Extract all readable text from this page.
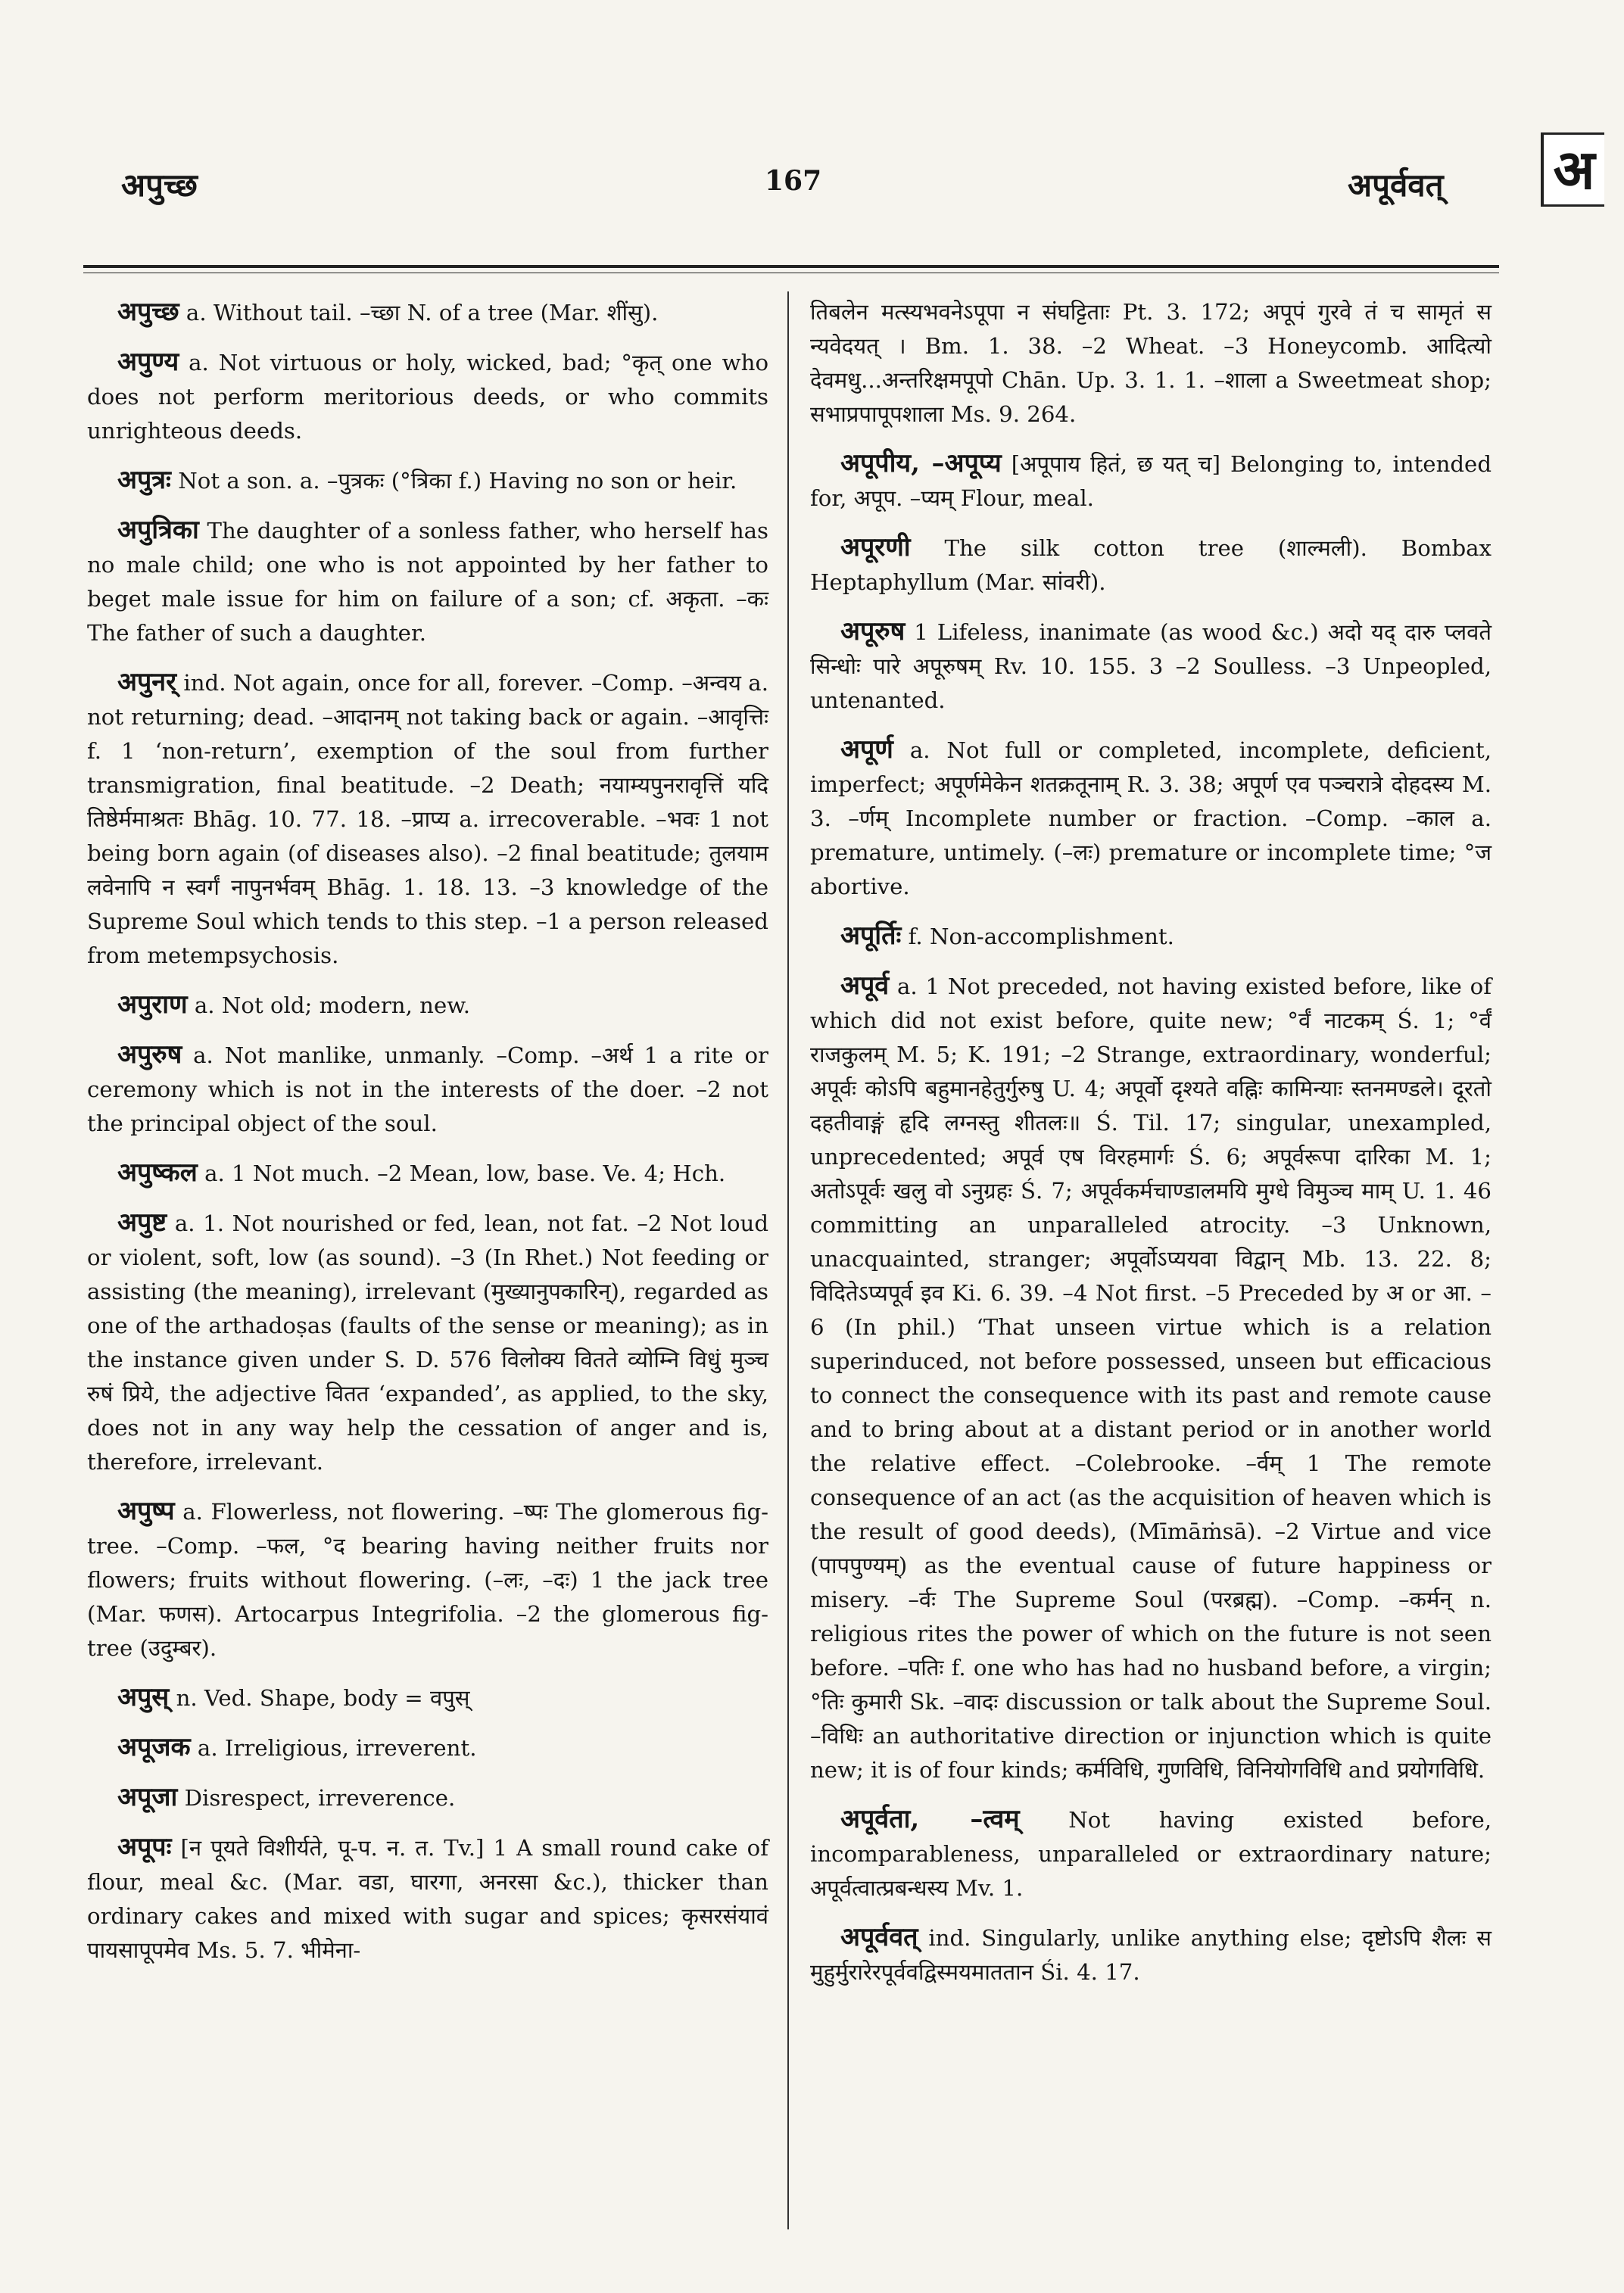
अ
अपुच्छ	167	अपूर्ववत्

अपुच्छ a. Without tail. –च्छा N. of a tree (Mar. शींसु).

अपुण्य a. Not virtuous or holy, wicked, bad; °कृत् one who does not perform meritorious deeds, or who commits unrighteous deeds.

अपुत्रः Not a son. a. –पुत्रकः (°त्रिका f.) Having no son or heir.

अपुत्रिका The daughter of a sonless father, who herself has no male child; one who is not appointed by her father to beget male issue for him on failure of a son; cf. अकृता. –कः The father of such a daughter.

अपुनर् ind. Not again, once for all, forever. –Comp. –अन्वय a. not returning; dead. –आदानम् not taking back or again. –आवृत्तिः f. 1 ‘non-return’, exemption of the soul from further transmigration, final beatitude. –2 Death; नयाम्यपुनरावृत्तिं यदि तिष्ठेर्ममाश्रतः Bhāg. 10. 77. 18. –प्राप्य a. irrecoverable. –भवः 1 not being born again (of diseases also). –2 final beatitude; तुलयाम लवेनापि न स्वर्गं नापुनर्भवम् Bhāg. 1. 18. 13. –3 knowledge of the Supreme Soul which tends to this step. –1 a person released from metempsychosis.

अपुराण a. Not old; modern, new.

अपुरुष a. Not manlike, unmanly. –Comp. –अर्थ 1 a rite or ceremony which is not in the interests of the doer. –2 not the principal object of the soul.

अपुष्कल a. 1 Not much. –2 Mean, low, base. Ve. 4; Hch.

अपुष्ट a. 1. Not nourished or fed, lean, not fat. –2 Not loud or violent, soft, low (as sound). –3 (In Rhet.) Not feeding or assisting (the meaning), irrelevant (मुख्यानुपकारिन्), regarded as one of the arthadoṣas (faults of the sense or meaning); as in the instance given under S. D. 576 विलोक्य वितते व्योम्नि विधुं मुञ्च रुषं प्रिये, the adjective वितत ‘expanded’, as applied, to the sky, does not in any way help the cessation of anger and is, therefore, irrelevant.

अपुष्प a. Flowerless, not flowering. –ष्पः The glomerous fig-tree. –Comp. –फल, °द bearing having neither fruits nor flowers; fruits without flowering. (–लः, –दः) 1 the jack tree (Mar. फणस). Artocarpus Integrifolia. –2 the glomerous fig-tree (उदुम्बर).

अपुस् n. Ved. Shape, body = वपुस्

अपूजक a. Irreligious, irreverent.

अपूजा Disrespect, irreverence.

अपूपः [न पूयते विशीर्यते, पू-प. न. त. Tv.] 1 A small round cake of flour, meal &c. (Mar. वडा, घारगा, अनरसा &c.), thicker than ordinary cakes and mixed with sugar and spices; कृसरसंयावं पायसापूपमेव Ms. 5. 7. भीमेना-

तिबलेन मत्स्यभवनेऽपूपा न संघट्टिताः Pt. 3. 172; अपूपं गुरवे तं च सामृतं स न्यवेदयत् । Bm. 1. 38. –2 Wheat. –3 Honeycomb. आदित्यो देवमधु...अन्तरिक्षमपूपो Chān. Up. 3. 1. 1. –शाला a Sweetmeat shop; सभाप्रपापूपशाला Ms. 9. 264.

अपूपीय, –अपूप्य [अपूपाय हितं, छ यत् च] Belonging to, intended for, अपूप. –प्यम् Flour, meal.

अपूरणी The silk cotton tree (शाल्मली). Bombax Heptaphyllum (Mar. सांवरी).

अपूरुष 1 Lifeless, inanimate (as wood &c.) अदो यद् दारु प्लवते सिन्धोः पारे अपूरुषम् Rv. 10. 155. 3 –2 Soulless. –3 Unpeopled, untenanted.

अपूर्ण a. Not full or completed, incomplete, deficient, imperfect; अपूर्णमेकेन शतक्रतूनाम् R. 3. 38; अपूर्ण एव पञ्चरात्रे दोहदस्य M. 3. –र्णम् Incomplete number or fraction. –Comp. –काल a. premature, untimely. (–लः) premature or incomplete time; °ज abortive.

अपूर्तिः f. Non-accomplishment.

अपूर्व a. 1 Not preceded, not having existed before, like of which did not exist before, quite new; °र्वं नाटकम् Ś. 1; °र्वं राजकुलम् M. 5; K. 191; –2 Strange, extraordinary, wonderful; अपूर्वः कोऽपि बहुमानहेतुर्गुरुषु U. 4; अपूर्वो दृश्यते वह्निः कामिन्याः स्तनमण्डले। दूरतो दहतीवाङ्गं हृदि लग्नस्तु शीतलः॥ Ś. Til. 17; singular, unexampled, unprecedented; अपूर्व एष विरहमार्गः Ś. 6; अपूर्वरूपा दारिका M. 1; अतोऽपूर्वः खलु वो ऽनुग्रहः Ś. 7; अपूर्वकर्मचाण्डालमयि मुग्धे विमुञ्च माम् U. 1. 46 committing an unparalleled atrocity. –3 Unknown, unacquainted, stranger; अपूर्वोऽप्ययवा विद्वान् Mb. 13. 22. 8; विदितेऽप्यपूर्व इव Ki. 6. 39. –4 Not first. –5 Preceded by अ or आ. –6 (In phil.) ‘That unseen virtue which is a relation superinduced, not before possessed, unseen but efficacious to connect the consequence with its past and remote cause and to bring about at a distant period or in another world the relative effect. –Colebrooke. –र्वम् 1 The remote consequence of an act (as the acquisition of heaven which is the result of good deeds), (Mīmāṁsā). –2 Virtue and vice (पापपुण्यम्) as the eventual cause of future happiness or misery. –र्वः The Supreme Soul (परब्रह्म). –Comp. –कर्मन् n. religious rites the power of which on the future is not seen before. –पतिः f. one who has had no husband before, a virgin; °तिः कुमारी Sk. –वादः discussion or talk about the Supreme Soul. –विधिः an authoritative direction or injunction which is quite new; it is of four kinds; कर्मविधि, गुणविधि, विनियोगविधि and प्रयोगविधि.

अपूर्वता, –त्वम् Not having existed before, incomparableness, unparalleled or extraordinary nature; अपूर्वत्वात्प्रबन्धस्य Mv. 1.

अपूर्ववत् ind. Singularly, unlike anything else; दृष्टोऽपि शैलः स मुहुर्मुरारेरपूर्ववद्विस्मयमाततान Śi. 4. 17.
